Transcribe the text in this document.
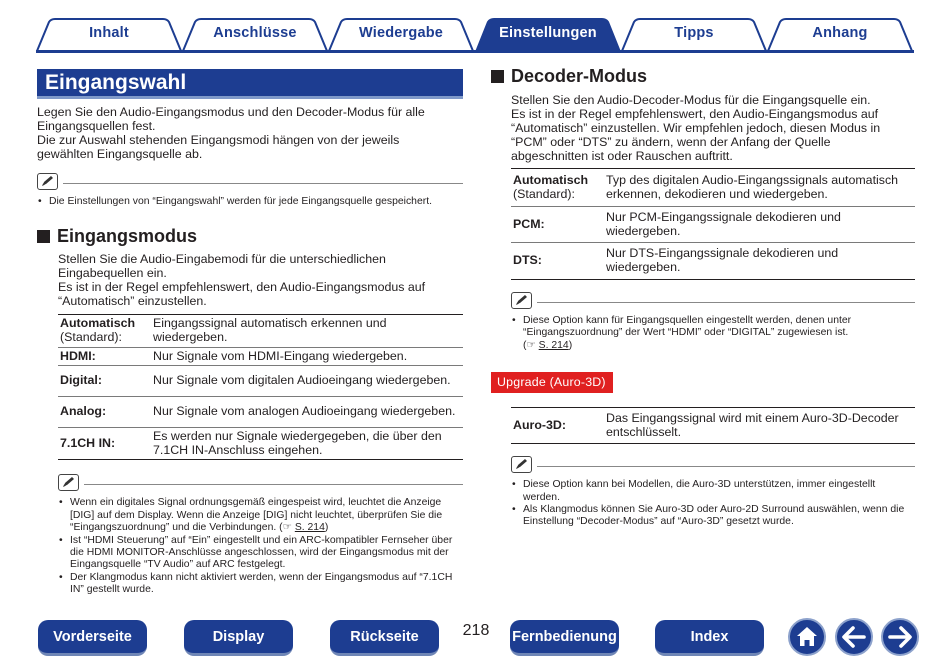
Inhalt	Anschlüsse	Wiedergabe	Einstellungen	Tipps	Anhang
Eingangswahl

Legen Sie den Audio-Eingangsmodus und den Decoder-Modus für alle Eingangsquellen fest.

Die zur Auswahl stehenden Eingangsmodi hängen von der jeweils gewählten Eingangsquelle ab.

• Die Einstellungen von “Eingangswahl” werden für jede Eingangsquelle gespeichert.
Eingangsmodus

Stellen Sie die Audio-Eingabemodi für die unterschiedlichen Eingabequellen ein.

Es ist in der Regel empfehlenswert, den Audio-Eingangsmodus auf “Automatisch” einzustellen.

Automatisch
(Standard):	Eingangssignal automatisch erkennen und wiedergeben.
HDMI:	Nur Signale vom HDMI-Eingang wiedergeben.
Digital:	Nur Signale vom digitalen Audioeingang wiedergeben.
Analog:	Nur Signale vom analogen Audioeingang wiedergeben.
7.1CH IN:	Es werden nur Signale wiedergegeben, die über den 7.1CH IN-Anschluss eingehen.
• Wenn ein digitales Signal ordnungsgemäß eingespeist wird, leuchtet die Anzeige [DIG] auf dem Display. Wenn die Anzeige [DIG] nicht leuchtet, überprüfen Sie die “Eingangszuordnung” und die Verbindungen. (☞ S. 214)
• Ist “HDMI Steuerung” auf “Ein” eingestellt und ein ARC-kompatibler Fernseher über die HDMI MONITOR-Anschlüsse angeschlossen, wird der Eingangsmodus mit der Eingangsquelle “TV Audio” auf ARC festgelegt.
• Der Klangmodus kann nicht aktiviert werden, wenn der Eingangsmodus auf “7.1CH IN” gestellt wurde.
Decoder-Modus

Stellen Sie den Audio-Decoder-Modus für die Eingangsquelle ein.

Es ist in der Regel empfehlenswert, den Audio-Eingangsmodus auf “Automatisch” einzustellen. Wir empfehlen jedoch, diesen Modus in “PCM” oder “DTS” zu ändern, wenn der Anfang der Quelle abgeschnitten ist oder Rauschen auftritt.

Automatisch
(Standard):	Typ des digitalen Audio-Eingangssignals automatisch erkennen, dekodieren und wiedergeben.
PCM:	Nur PCM-Eingangssignale dekodieren und wiedergeben.
DTS:	Nur DTS-Eingangssignale dekodieren und wiedergeben.
• Diese Option kann für Eingangsquellen eingestellt werden, denen unter “Eingangszuordnung” der Wert “HDMI” oder “DIGITAL” zugewiesen ist.
(☞ S. 214)
Upgrade (Auro-3D)
Auro-3D:	Das Eingangssignal wird mit einem Auro-3D-Decoder entschlüsselt.
• Diese Option kann bei Modellen, die Auro-3D unterstützen, immer eingestellt werden.
• Als Klangmodus können Sie Auro-3D oder Auro-2D Surround auswählen, wenn die Einstellung “Decoder-Modus” auf “Auro-3D” gesetzt wurde.
Vorderseite	Display	Rückseite	218	Fernbedienung	Index
